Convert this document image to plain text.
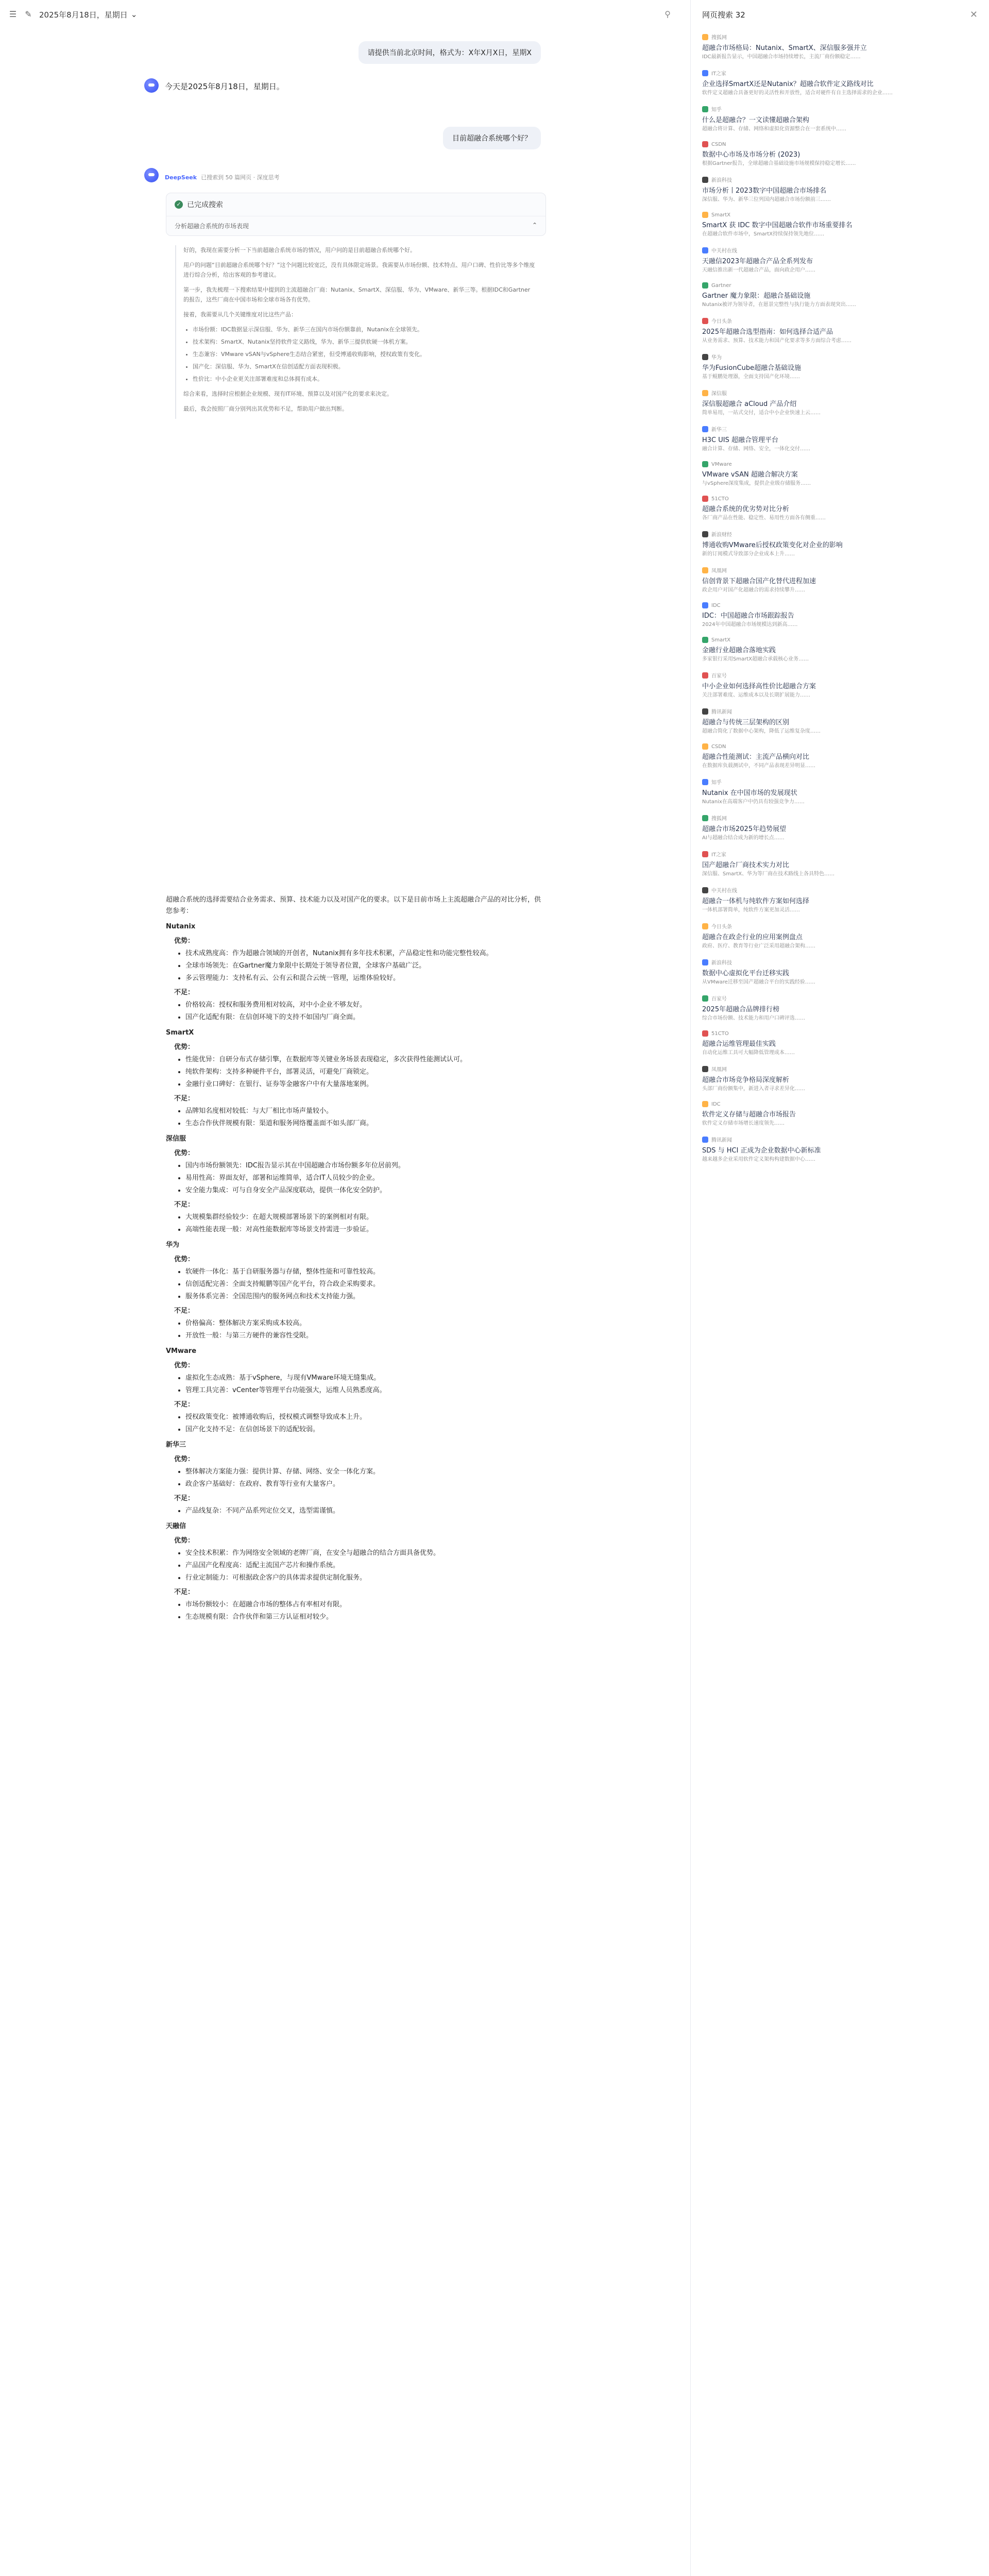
☰ ✎ 2025年8月18日，星期日 ⌄	⚲
请提供当前北京时间，格式为：X年X月X日，星期X
今天是2025年8月18日，星期日。
目前超融合系统哪个好？
DeepSeek 已搜索到 50 篇网页 · 深度思考
✓ 已完成搜索
分析超融合系统的市场表现	⌃

好的，我现在需要分析一下当前超融合系统市场的情况，用户问的是目前超融合系统哪个好。

用户的问题“目前超融合系统哪个好？”这个问题比较宽泛，没有具体限定场景。我需要从市场份额、技术特点、用户口碑、性价比等多个维度进行综合分析，给出客观的参考建议。

第一步，我先梳理一下搜索结果中提到的主流超融合厂商：Nutanix、SmartX、深信服、华为、VMware、新华三等。根据IDC和Gartner的报告，这些厂商在中国市场和全球市场各有优势。

接着，我需要从几个关键维度对比这些产品：

• 市场份额：IDC数据显示深信服、华为、新华三在国内市场份额靠前，Nutanix在全球领先。
• 技术架构：SmartX、Nutanix坚持软件定义路线，华为、新华三提供软硬一体机方案。
• 生态兼容：VMware vSAN与vSphere生态结合紧密，但受博通收购影响，授权政策有变化。
• 国产化：深信服、华为、SmartX在信创适配方面表现积极。
• 性价比：中小企业更关注部署难度和总体拥有成本。

综合来看，选择时应根据企业规模、现有IT环境、预算以及对国产化的要求来决定。

最后，我会按照厂商分别列出其优势和不足，帮助用户做出判断。

超融合系统的选择需要结合业务需求、预算、技术能力以及对国产化的要求。以下是目前市场上主流超融合产品的对比分析，供您参考：

Nutanix
优势：
• 技术成熟度高：作为超融合领域的开创者，Nutanix拥有多年技术积累，产品稳定性和功能完整性较高。
• 全球市场领先：在Gartner魔力象限中长期处于领导者位置，全球客户基础广泛。
• 多云管理能力：支持私有云、公有云和混合云统一管理，运维体验较好。
不足：
• 价格较高：授权和服务费用相对较高，对中小企业不够友好。
• 国产化适配有限：在信创环境下的支持不如国内厂商全面。
SmartX
优势：
• 性能优异：自研分布式存储引擎，在数据库等关键业务场景表现稳定，多次获得性能测试认可。
• 纯软件架构：支持多种硬件平台，部署灵活，可避免厂商锁定。
• 金融行业口碑好：在银行、证券等金融客户中有大量落地案例。
不足：
• 品牌知名度相对较低：与大厂相比市场声量较小。
• 生态合作伙伴规模有限：渠道和服务网络覆盖面不如头部厂商。
深信服
优势：
• 国内市场份额领先：IDC报告显示其在中国超融合市场份额多年位居前列。
• 易用性高：界面友好，部署和运维简单，适合IT人员较少的企业。
• 安全能力集成：可与自身安全产品深度联动，提供一体化安全防护。
不足：
• 大规模集群经验较少：在超大规模部署场景下的案例相对有限。
• 高端性能表现一般：对高性能数据库等场景支持需进一步验证。
华为
优势：
• 软硬件一体化：基于自研服务器与存储，整体性能和可靠性较高。
• 信创适配完善：全面支持鲲鹏等国产化平台，符合政企采购要求。
• 服务体系完善：全国范围内的服务网点和技术支持能力强。
不足：
• 价格偏高：整体解决方案采购成本较高。
• 开放性一般：与第三方硬件的兼容性受限。
VMware
优势：
• 虚拟化生态成熟：基于vSphere，与现有VMware环境无缝集成。
• 管理工具完善：vCenter等管理平台功能强大，运维人员熟悉度高。
不足：
• 授权政策变化：被博通收购后，授权模式调整导致成本上升。
• 国产化支持不足：在信创场景下的适配较弱。
新华三
优势：
• 整体解决方案能力强：提供计算、存储、网络、安全一体化方案。
• 政企客户基础好：在政府、教育等行业有大量客户。
不足：
• 产品线复杂：不同产品系列定位交叉，选型需谨慎。
天融信
优势：
• 安全技术积累：作为网络安全领域的老牌厂商，在安全与超融合的结合方面具备优势。
• 产品国产化程度高：适配主流国产芯片和操作系统。
• 行业定制能力：可根据政企客户的具体需求提供定制化服务。
不足：
• 市场份额较小：在超融合市场的整体占有率相对有限。
• 生态规模有限：合作伙伴和第三方认证相对较少。
网页搜索 32	✕
搜狐网
超融合市场格局：Nutanix、SmartX、深信服多强并立
IDC最新报告显示，中国超融合市场持续增长，主流厂商份额稳定……
IT之家
企业选择SmartX还是Nutanix？超融合软件定义路线对比
软件定义超融合具备更好的灵活性和开放性，适合对硬件有自主选择需求的企业……
知乎
什么是超融合？一文读懂超融合架构
超融合将计算、存储、网络和虚拟化资源整合在一套系统中……
CSDN
数据中心市场及市场分析 (2023)
根据Gartner报告，全球超融合基础设施市场规模保持稳定增长……
新浪科技
市场分析丨2023数字中国超融合市场排名
深信服、华为、新华三位列国内超融合市场份额前三……
SmartX
SmartX 获 IDC 数字中国超融合软件市场重要排名
在超融合软件市场中，SmartX持续保持领先地位……
中关村在线
天融信2023年超融合产品全系列发布
天融信推出新一代超融合产品，面向政企用户……
Gartner
Gartner 魔力象限：超融合基础设施
Nutanix被评为领导者，在愿景完整性与执行能力方面表现突出……
今日头条
2025年超融合选型指南：如何选择合适产品
从业务需求、预算、技术能力和国产化要求等多方面综合考虑……
华为
华为FusionCube超融合基础设施
基于鲲鹏处理器，全面支持国产化环境……
深信服
深信服超融合 aCloud 产品介绍
简单易用，一站式交付，适合中小企业快速上云……
新华三
H3C UIS 超融合管理平台
融合计算、存储、网络、安全，一体化交付……
VMware
VMware vSAN 超融合解决方案
与vSphere深度集成，提供企业级存储服务……
51CTO
超融合系统的优劣势对比分析
各厂商产品在性能、稳定性、易用性方面各有侧重……
新浪财经
博通收购VMware后授权政策变化对企业的影响
新的订阅模式导致部分企业成本上升……
凤凰网
信创背景下超融合国产化替代进程加速
政企用户对国产化超融合的需求持续攀升……
IDC
IDC：中国超融合市场跟踪报告
2024年中国超融合市场规模达到新高……
SmartX
金融行业超融合落地实践
多家银行采用SmartX超融合承载核心业务……
百家号
中小企业如何选择高性价比超融合方案
关注部署难度、运维成本以及长期扩展能力……
腾讯新闻
超融合与传统三层架构的区别
超融合简化了数据中心架构，降低了运维复杂度……
CSDN
超融合性能测试：主流产品横向对比
在数据库负载测试中，不同产品表现差异明显……
知乎
Nutanix 在中国市场的发展现状
Nutanix在高端客户中仍具有较强竞争力……
搜狐网
超融合市场2025年趋势展望
AI与超融合结合成为新的增长点……
IT之家
国产超融合厂商技术实力对比
深信服、SmartX、华为等厂商在技术路线上各具特色……
中关村在线
超融合一体机与纯软件方案如何选择
一体机部署简单，纯软件方案更加灵活……
今日头条
超融合在政企行业的应用案例盘点
政府、医疗、教育等行业广泛采用超融合架构……
新浪科技
数据中心虚拟化平台迁移实践
从VMware迁移至国产超融合平台的实践经验……
百家号
2025年超融合品牌排行榜
综合市场份额、技术能力和用户口碑评选……
51CTO
超融合运维管理最佳实践
自动化运维工具可大幅降低管理成本……
凤凰网
超融合市场竞争格局深度解析
头部厂商份额集中，新进入者寻求差异化……
IDC
软件定义存储与超融合市场报告
软件定义存储市场增长速度领先……
腾讯新闻
SDS 与 HCI 正成为企业数据中心新标准
越来越多企业采用软件定义架构构建数据中心……
